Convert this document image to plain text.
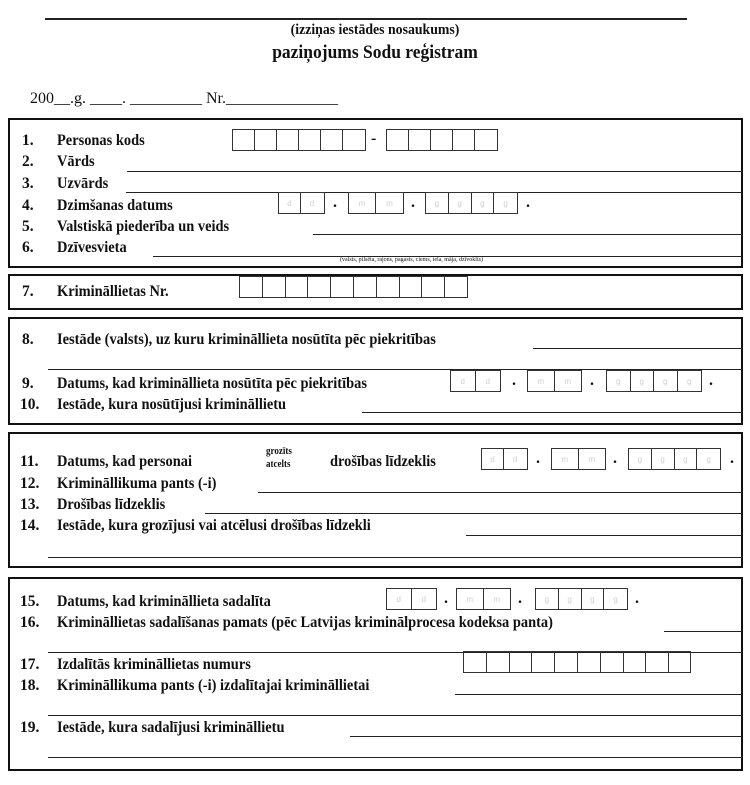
(izziņas iestādes nosaukums)
paziņojums Sodu reģistram
200__.g. ____. _________ Nr.______________
1. Personas kods	-
2. Vārds
3. Uzvārds
4. Dzimšanas datums	d	d	.	m	m	.	g	g	g	g	.
5. Valstiskā piederība un veids
6. Dzīvesvieta
(valsts, pilsēta, rajons, pagasts, ciems, iela, māja, dzīvoklis)
7. Krimināllietas Nr.
8. Iestāde (valsts), uz kuru krimināllieta nosūtīta pēc piekritības
9. Datums, kad krimināllieta nosūtīta pēc piekritības	d	d	.	m	m	.	g	g	g	g	.
10. Iestāde, kura nosūtījusi krimināllietu
11. Datums, kad personai
grozīts
atcelts	drošības līdzeklis	d	d	.	m	m	.	g	g	g	g	.
12. Krimināllikuma pants (-i)
13. Drošības līdzeklis
14. Iestāde, kura grozījusi vai atcēlusi drošības līdzekli
15. Datums, kad krimināllieta sadalīta	d	d	.	m	m	.	g	g	g	g	.
16. Krimināllietas sadalīšanas pamats (pēc Latvijas kriminālprocesa kodeksa panta)
17. Izdalītās krimināllietas numurs
18. Krimināllikuma pants (-i) izdalītajai krimināllietai
19. Iestāde, kura sadalījusi krimināllietu
